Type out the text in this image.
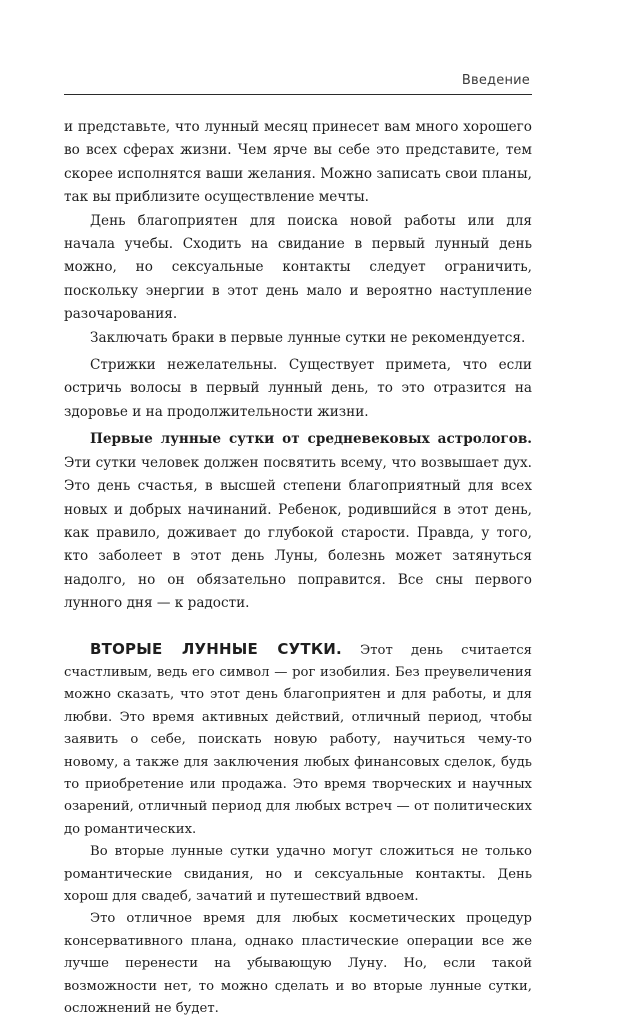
Введение

и представьте, что лунный месяц принесет вам много хорошего во всех сферах жизни. Чем ярче вы себе это представите, тем скорее исполнятся ваши желания. Можно записать свои планы, так вы приблизите осуществление мечты.

День благоприятен для поиска новой работы или для начала учебы. Сходить на свидание в первый лунный день можно, но сексуальные контакты следует ограничить, поскольку энергии в этот день мало и вероятно наступление разочарования.

Заключать браки в первые лунные сутки не рекомендуется.

Стрижки нежелательны. Существует примета, что если остричь волосы в первый лунный день, то это отразится на здоровье и на продолжительности жизни.

Первые лунные сутки от средневековых астрологов. Эти сутки человек должен посвятить всему, что возвышает дух. Это день счастья, в высшей степени благоприятный для всех новых и добрых начинаний. Ребенок, родившийся в этот день, как правило, доживает до глубокой старости. Правда, у того, кто заболеет в этот день Луны, болезнь может затянуться надолго, но он обязательно поправится. Все сны первого лунного дня — к радости.

ВТОРЫЕ ЛУННЫЕ СУТКИ. Этот день считается счастливым, ведь его символ — рог изобилия. Без преувеличения можно сказать, что этот день благоприятен и для работы, и для любви. Это время активных действий, отличный период, чтобы заявить о себе, поискать новую работу, научиться чему-то новому, а также для заключения любых финансовых сделок, будь то приобретение или продажа. Это время творческих и научных озарений, отличный период для любых встреч — от политических до романтических.

Во вторые лунные сутки удачно могут сложиться не только романтические свидания, но и сексуальные контакты. День хорош для свадеб, зачатий и путешествий вдвоем.

Это отличное время для любых косметических процедур консервативного плана, однако пластические операции все же лучше перенести на убывающую Луну. Но, если такой возможности нет, то можно сделать и во вторые лунные сутки, осложнений не будет.
